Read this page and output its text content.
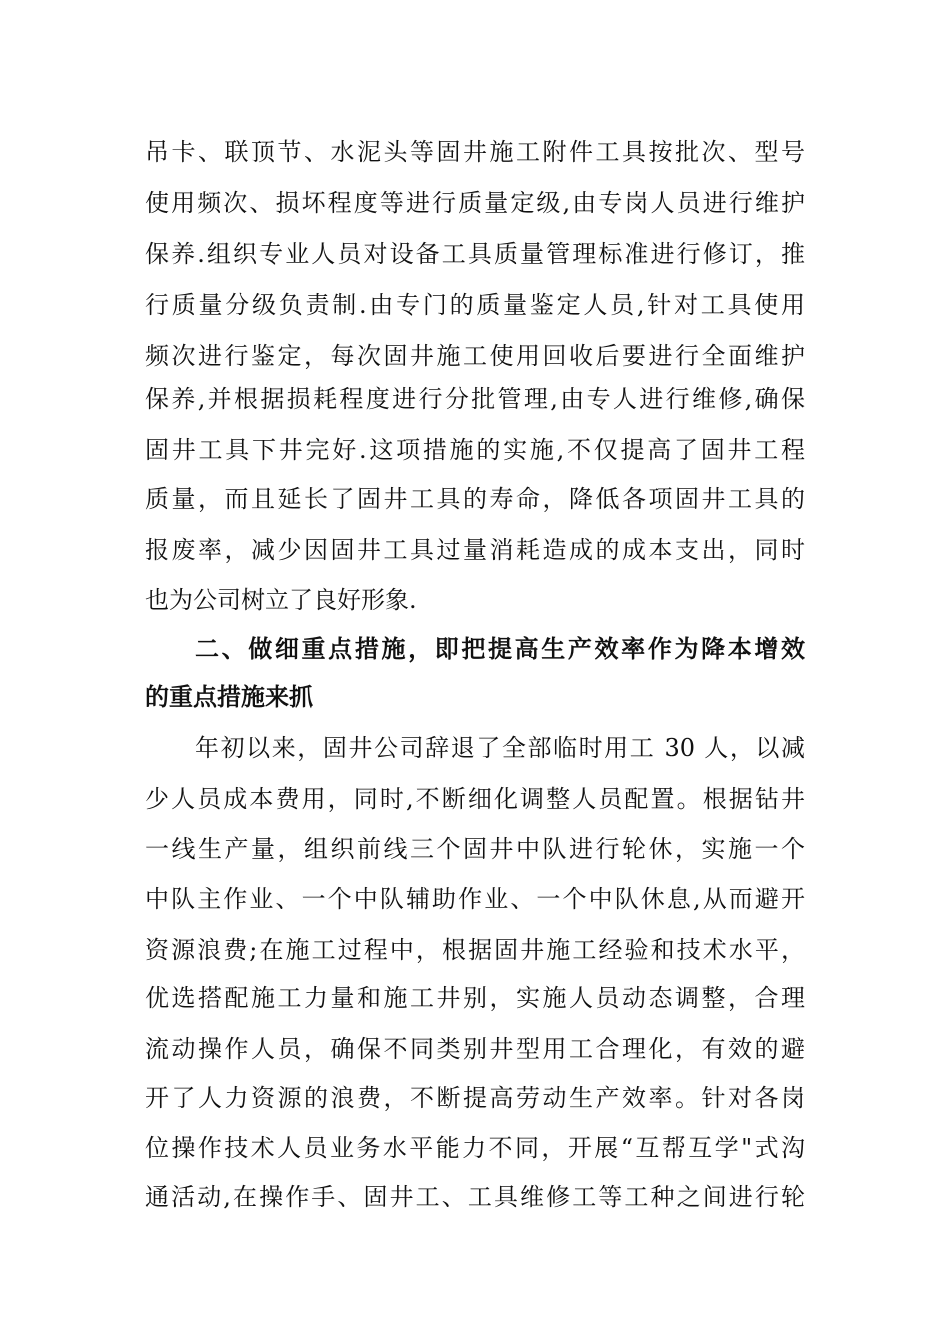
吊卡、联顶节、水泥头等固井施工附件工具按批次、型号
使用频次、损坏程度等进行质量定级,由专岗人员进行维护
保养.组织专业人员对设备工具质量管理标准进行修订，推
行质量分级负责制.由专门的质量鉴定人员,针对工具使用
频次进行鉴定，每次固井施工使用回收后要进行全面维护
保养,并根据损耗程度进行分批管理,由专人进行维修,确保
固井工具下井完好.这项措施的实施,不仅提高了固井工程
质量，而且延长了固井工具的寿命，降低各项固井工具的
报废率，减少因固井工具过量消耗造成的成本支出，同时
也为公司树立了良好形象.
二、做细重点措施，即把提高生产效率作为降本增效
的重点措施来抓
年初以来，固井公司辞退了全部临时用工 30 人，以减
少人员成本费用，同时,不断细化调整人员配置。根据钻井
一线生产量，组织前线三个固井中队进行轮休，实施一个
中队主作业、一个中队辅助作业、一个中队休息,从而避开
资源浪费;在施工过程中，根据固井施工经验和技术水平，
优选搭配施工力量和施工井别，实施人员动态调整，合理
流动操作人员，确保不同类别井型用工合理化，有效的避
开了人力资源的浪费，不断提高劳动生产效率。针对各岗
位操作技术人员业务水平能力不同，开展“互帮互学"式沟
通活动,在操作手、固井工、工具维修工等工种之间进行轮
